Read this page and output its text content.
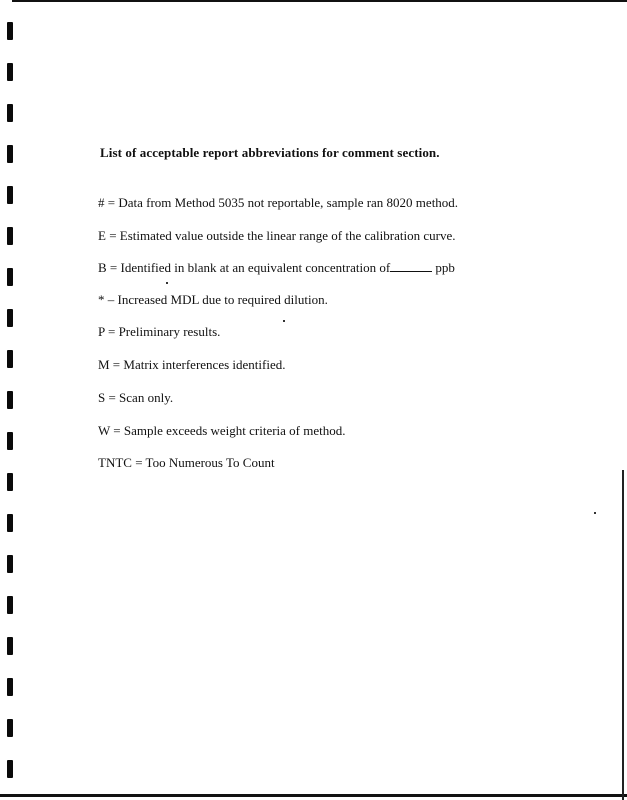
List of acceptable report abbreviations for comment section.
# = Data from Method 5035 not reportable, sample ran 8020 method.
E = Estimated value outside the linear range of the calibration curve.
B = Identified in blank at an equivalent concentration of	ppb
* – Increased MDL due to required dilution.
P = Preliminary results.
M = Matrix interferences identified.
S = Scan only.
W = Sample exceeds weight criteria of method.
TNTC = Too Numerous To Count
